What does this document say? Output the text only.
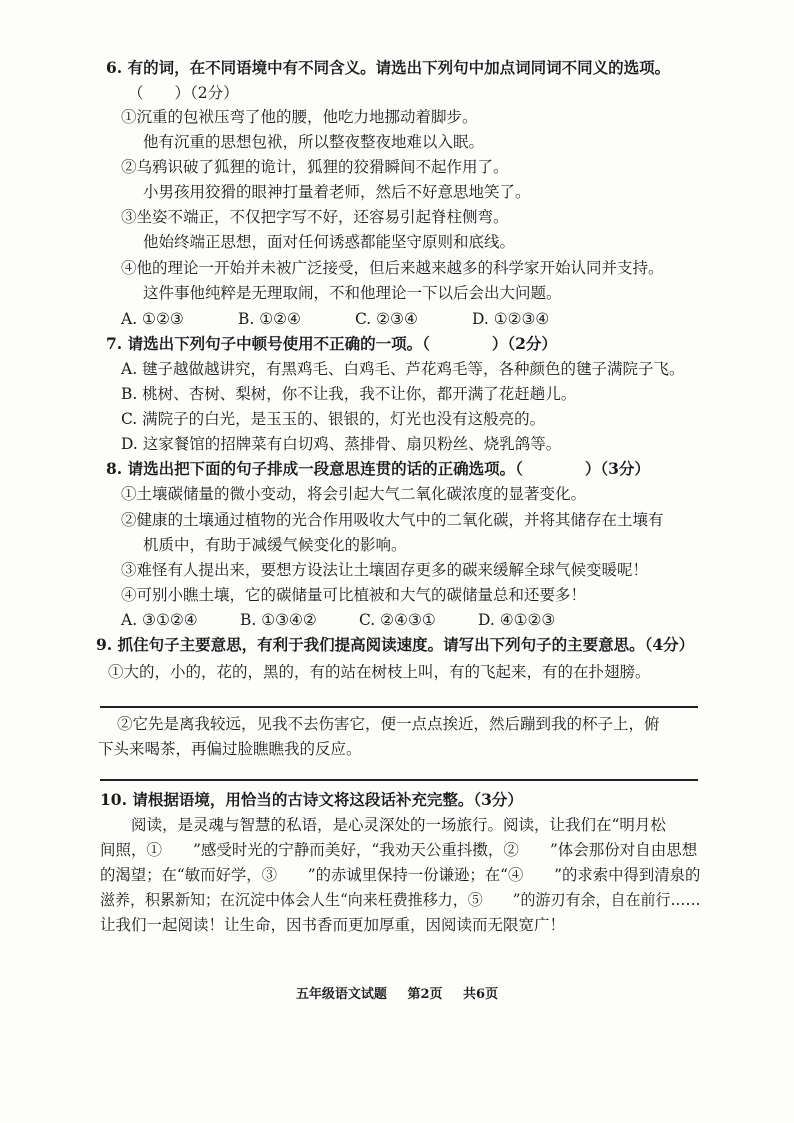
6. 有的词，在不同语境中有不同含义。请选出下列句中加点词同词不同义的选项。
（　　）（2分）
①沉重的包袱压弯了他的腰，他吃力地挪动着脚步。
他有沉重的思想包袱，所以整夜整夜地难以入眠。
②乌鸦识破了狐狸的诡计，狐狸的狡猾瞬间不起作用了。
小男孩用狡猾的眼神打量着老师，然后不好意思地笑了。
③坐姿不端正，不仅把字写不好，还容易引起脊柱侧弯。
他始终端正思想，面对任何诱惑都能坚守原则和底线。
④他的理论一开始并未被广泛接受，但后来越来越多的科学家开始认同并支持。
这件事他纯粹是无理取闹，不和他理论一下以后会出大问题。
A. ①②③	B. ①②④	C. ②③④	D. ①②③④
7. 请选出下列句子中顿号使用不正确的一项。（　　　　）（2分）
A. 毽子越做越讲究，有黑鸡毛、白鸡毛、芦花鸡毛等，各种颜色的毽子满院子飞。
B. 桃树、杏树、梨树，你不让我，我不让你，都开满了花赶趟儿。
C. 满院子的白光，是玉玉的、银银的，灯光也没有这般亮的。
D. 这家餐馆的招牌菜有白切鸡、蒸排骨、扇贝粉丝、烧乳鸽等。
8. 请选出把下面的句子排成一段意思连贯的话的正确选项。（　　　　）（3分）
①土壤碳储量的微小变动，将会引起大气二氧化碳浓度的显著变化。
②健康的土壤通过植物的光合作用吸收大气中的二氧化碳，并将其储存在土壤有
机质中，有助于减缓气候变化的影响。
③难怪有人提出来，要想方设法让土壤固存更多的碳来缓解全球气候变暖呢！
④可别小瞧土壤，它的碳储量可比植被和大气的碳储量总和还要多！
A. ③①②④	B. ①③④②	C. ②④③①	D. ④①②③
9. 抓住句子主要意思，有利于我们提高阅读速度。请写出下列句子的主要意思。（4分）
①大的，小的，花的，黑的，有的站在树枝上叫，有的飞起来，有的在扑翅膀。
②它先是离我较远，见我不去伤害它，便一点点挨近，然后蹦到我的杯子上，俯
下头来喝茶，再偏过脸瞧瞧我的反应。
10. 请根据语境，用恰当的古诗文将这段话补充完整。（3分）
阅读，是灵魂与智慧的私语，是心灵深处的一场旅行。阅读，让我们在“明月松
间照，①　　”感受时光的宁静而美好，“我劝天公重抖擞，②　　”体会那份对自由思想
的渴望；在“敏而好学，③　　”的赤诚里保持一份谦逊；在“④　　”的求索中得到清泉的
滋养，积累新知；在沉淀中体会人生“向来枉费推移力，⑤　　”的游刃有余，自在前行……
让我们一起阅读！让生命，因书香而更加厚重，因阅读而无限宽广！
五年级语文试题 第2页 共6页
